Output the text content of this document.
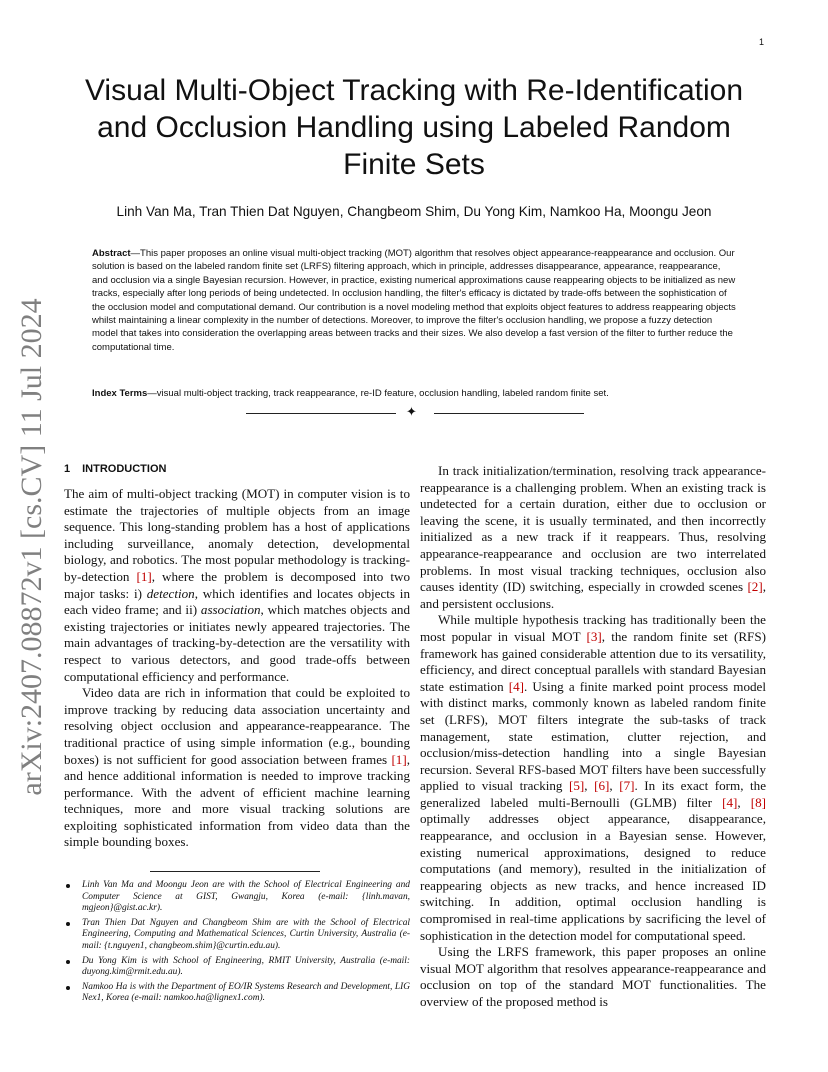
1
arXiv:2407.08872v1 [cs.CV] 11 Jul 2024
Visual Multi-Object Tracking with Re-Identification and Occlusion Handling using Labeled Random Finite Sets
Linh Van Ma, Tran Thien Dat Nguyen, Changbeom Shim, Du Yong Kim, Namkoo Ha, Moongu Jeon

Abstract—This paper proposes an online visual multi-object tracking (MOT) algorithm that resolves object appearance-reappearance and occlusion. Our solution is based on the labeled random finite set (LRFS) filtering approach, which in principle, addresses disappearance, appearance, reappearance, and occlusion via a single Bayesian recursion. However, in practice, existing numerical approximations cause reappearing objects to be initialized as new tracks, especially after long periods of being undetected. In occlusion handling, the filter's efficacy is dictated by trade-offs between the sophistication of the occlusion model and computational demand. Our contribution is a novel modeling method that exploits object features to address reappearing objects whilst maintaining a linear complexity in the number of detections. Moreover, to improve the filter's occlusion handling, we propose a fuzzy detection model that takes into consideration the overlapping areas between tracks and their sizes. We also develop a fast version of the filter to further reduce the computational time.

Index Terms—visual multi-object tracking, track reappearance, re-ID feature, occlusion handling, labeled random finite set.

✦
1 INTRODUCTION

The aim of multi-object tracking (MOT) in computer vision is to estimate the trajectories of multiple objects from an image sequence. This long-standing problem has a host of applications including surveillance, anomaly detection, developmental biology, and robotics. The most popular methodology is tracking-by-detection [1], where the problem is decomposed into two major tasks: i) detection, which identifies and locates objects in each video frame; and ii) association, which matches objects and existing trajectories or initiates newly appeared trajectories. The main advantages of tracking-by-detection are the versatility with respect to various detectors, and good trade-offs between computational efficiency and performance.

Video data are rich in information that could be exploited to improve tracking by reducing data association uncertainty and resolving object occlusion and appearance-reappearance. The traditional practice of using simple information (e.g., bounding boxes) is not sufficient for good association between frames [1], and hence additional information is needed to improve tracking performance. With the advent of efficient machine learning techniques, more and more visual tracking solutions are exploiting sophisticated information from video data than the simple bounding boxes.

Linh Van Ma and Moongu Jeon are with the School of Electrical Engineering and Computer Science at GIST, Gwangju, Korea (e-mail: {linh.mavan, mgjeon}@gist.ac.kr).
Tran Thien Dat Nguyen and Changbeom Shim are with the School of Electrical Engineering, Computing and Mathematical Sciences, Curtin University, Australia (e-mail: {t.nguyen1, changbeom.shim}@curtin.edu.au).
Du Yong Kim is with School of Engineering, RMIT University, Australia (e-mail: duyong.kim@rmit.edu.au).
Namkoo Ha is with the Department of EO/IR Systems Research and Development, LIG Nex1, Korea (e-mail: namkoo.ha@lignex1.com).

In track initialization/termination, resolving track appearance-reappearance is a challenging problem. When an existing track is undetected for a certain duration, either due to occlusion or leaving the scene, it is usually terminated, and then incorrectly initialized as a new track if it reappears. Thus, resolving appearance-reappearance and occlusion are two interrelated problems. In most visual tracking techniques, occlusion also causes identity (ID) switching, especially in crowded scenes [2], and persistent occlusions.

While multiple hypothesis tracking has traditionally been the most popular in visual MOT [3], the random finite set (RFS) framework has gained considerable attention due to its versatility, efficiency, and direct conceptual parallels with standard Bayesian state estimation [4]. Using a finite marked point process model with distinct marks, commonly known as labeled random finite set (LRFS), MOT filters integrate the sub-tasks of track management, state estimation, clutter rejection, and occlusion/miss-detection handling into a single Bayesian recursion. Several RFS-based MOT filters have been successfully applied to visual tracking [5], [6], [7]. In its exact form, the generalized labeled multi-Bernoulli (GLMB) filter [4], [8] optimally addresses object appearance, disappearance, reappearance, and occlusion in a Bayesian sense. However, existing numerical approximations, designed to reduce computations (and memory), resulted in the initialization of reappearing objects as new tracks, and hence increased ID switching. In addition, optimal occlusion handling is compromised in real-time applications by sacrificing the level of sophistication in the detection model for computational speed.

Using the LRFS framework, this paper proposes an online visual MOT algorithm that resolves appearance-reappearance and occlusion on top of the standard MOT functionalities. The overview of the proposed method is
